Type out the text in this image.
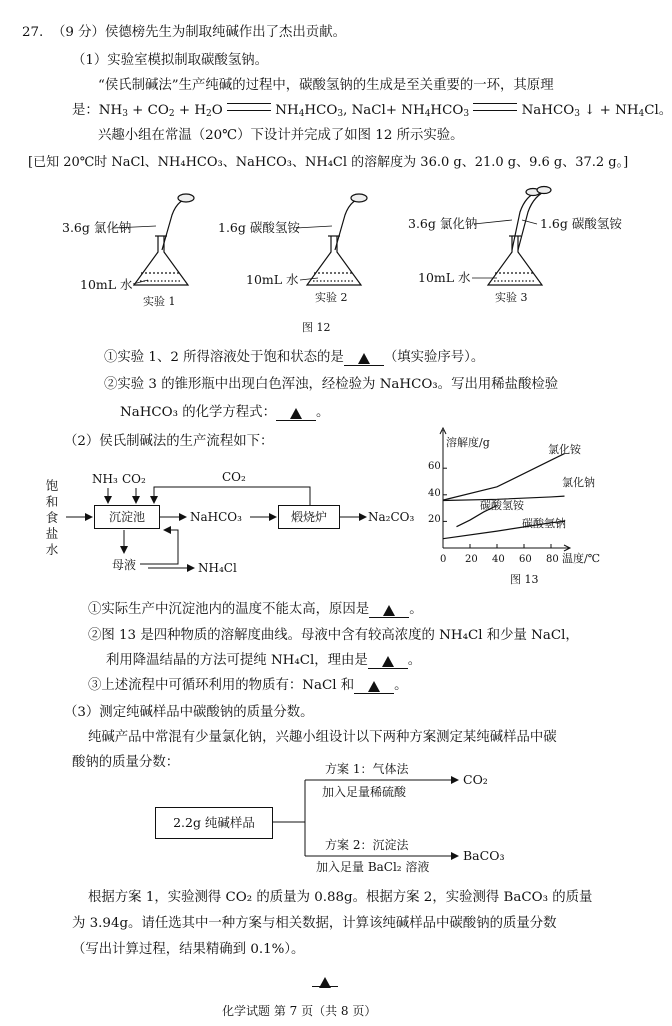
27. （9 分）侯德榜先生为制取纯碱作出了杰出贡献。
（1）实验室模拟制取碳酸氢钠。
“侯氏制碱法”生产纯碱的过程中，碳酸氢钠的生成是至关重要的一环，其原理
是：$NH_3 + CO_2 + H_2O$	$NH_4HCO_3$, NaCl+ $NH_4HCO_3$	NaHCO$_3$ ↓ + $NH_4Cl$。
兴趣小组在常温（20℃）下设计并完成了如图 12 所示实验。
[已知 20℃时 NaCl、NH₄HCO₃、NaHCO₃、NH₄Cl 的溶解度为 36.0 g、21.0 g、9.6 g、37.2 g。]
3.6g 氯化钠	1.6g 碳酸氢铵	3.6g 氯化钠	1.6g 碳酸氢铵
10mL 水	10mL 水	10mL 水
实验 1	实验 2	实验 3
图 12
①实验 1、2 所得溶液处于饱和状态的是	（填实验序号）。
②实验 3 的锥形瓶中出现白色浑浊，经检验为 NaHCO₃。写出用稀盐酸检验
NaHCO₃ 的化学方程式：	。
（2）侯氏制碱法的生产流程如下：
饱
和
食
盐
水
NH₃ CO₂	CO₂
沉淀池	NaHCO₃	煅烧炉	Na₂CO₃
母液	NH₄Cl
溶解度/g
温度/℃
图 13
60
40
20
0 20 40 60 80
氯化铵
氯化钠
碳酸氢铵
碳酸氢钠
①实际生产中沉淀池内的温度不能太高，原因是	。
②图 13 是四种物质的溶解度曲线。母液中含有较高浓度的 NH₄Cl 和少量 NaCl，
利用降温结晶的方法可提纯 NH₄Cl，理由是	。
③上述流程中可循环利用的物质有：NaCl 和	。
（3）测定纯碱样品中碳酸钠的质量分数。
纯碱产品中常混有少量氯化钠，兴趣小组设计以下两种方案测定某纯碱样品中碳
酸钠的质量分数：
2.2g 纯碱样品
方案 1：气体法
加入足量稀硫酸
CO₂
方案 2：沉淀法
加入足量 BaCl₂ 溶液
BaCO₃
根据方案 1，实验测得 CO₂ 的质量为 0.88g。根据方案 2，实验测得 BaCO₃ 的质量
为 3.94g。请任选其中一种方案与相关数据，计算该纯碱样品中碳酸钠的质量分数
（写出计算过程，结果精确到 0.1%）。
化学试题 第 7 页（共 8 页）
